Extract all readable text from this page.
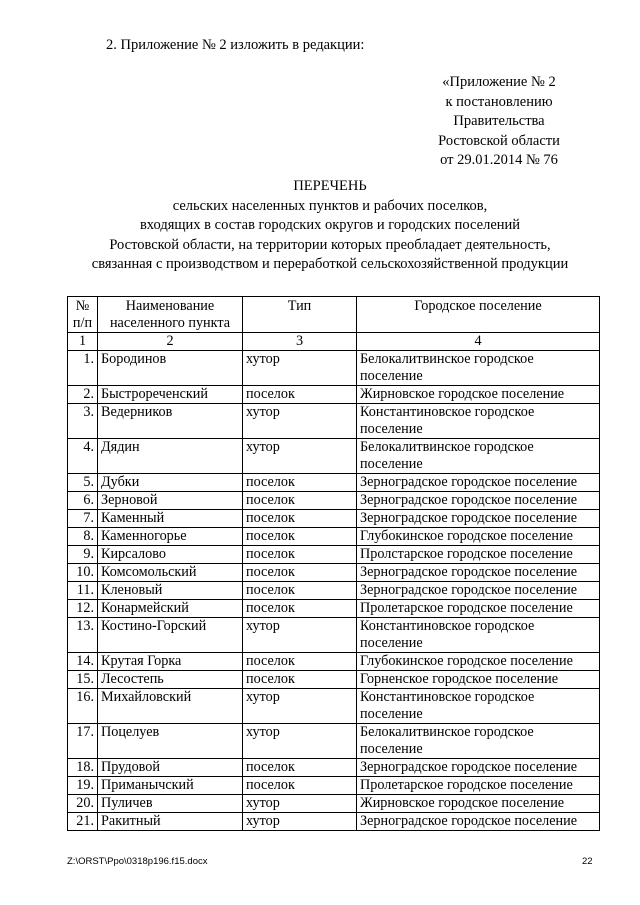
2. Приложение № 2 изложить в редакции:
«Приложение № 2
к постановлению
Правительства
Ростовской области
от 29.01.2014 № 76
ПЕРЕЧЕНЬ
сельских населенных пунктов и рабочих поселков,
входящих в состав городских округов и городских поселений
Ростовской области, на территории которых преобладает деятельность,
связанная с производством и переработкой сельскохозяйственной продукции
№ п/п	Наименование населенного пункта	Тип	Городское поселение
1	2	3	4
1.	Бородинов	хутор	Белокалитвинское городское поселение
2.	Быстрореченский	поселок	Жирновское городское поселение
3.	Ведерников	хутор	Константиновское городское поселение
4.	Дядин	хутор	Белокалитвинское городское поселение
5.	Дубки	поселок	Зерноградское городское поселение
6.	Зерновой	поселок	Зерноградское городское поселение
7.	Каменный	поселок	Зерноградское городское поселение
8.	Каменногорье	поселок	Глубокинское городское поселение
9.	Кирсалово	поселок	Пролстарское городское поселение
10.	Комсомольский	поселок	Зерноградское городское поселение
11.	Кленовый	поселок	Зерноградское городское поселение
12.	Конармейский	поселок	Пролетарское городское поселение
13.	Костино-Горский	хутор	Константиновское городское поселение
14.	Крутая Горка	поселок	Глубокинское городское поселение
15.	Лесостепь	поселок	Горненское городское поселение
16.	Михайловский	хутор	Константиновское городское поселение
17.	Поцелуев	хутор	Белокалитвинское городское поселение
18.	Прудовой	поселок	Зерноградское городское поселение
19.	Приманычский	поселок	Пролетарское городское поселение
20.	Пуличев	хутор	Жирновское городское поселение
21.	Ракитный	хутор	Зерноградское городское поселение
Z:\ORST\Ppo\0318p196.f15.docx	22
